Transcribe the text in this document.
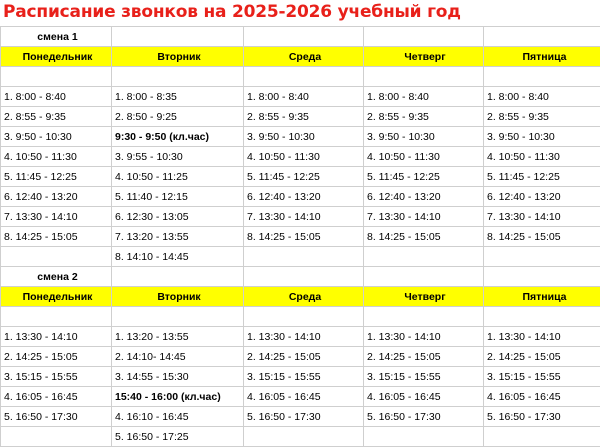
Расписание звонков на 2025-2026 учебный год
смена 1				
Понедельник	Вторник	Среда	Четверг	Пятница

1. 8:00 - 8:40	1. 8:00 - 8:35	1. 8:00 - 8:40	1. 8:00 - 8:40	1. 8:00 - 8:40
2. 8:55 - 9:35	2. 8:50 - 9:25	2. 8:55 - 9:35	2. 8:55 - 9:35	2. 8:55 - 9:35
3. 9:50 - 10:30	9:30 - 9:50 (кл.час)	3. 9:50 - 10:30	3. 9:50 - 10:30	3. 9:50 - 10:30
4. 10:50 - 11:30	3. 9:55 - 10:30	4. 10:50 - 11:30	4. 10:50 - 11:30	4. 10:50 - 11:30
5. 11:45 - 12:25	4. 10:50 - 11:25	5. 11:45 - 12:25	5. 11:45 - 12:25	5. 11:45 - 12:25
6. 12:40 - 13:20	5. 11:40 - 12:15	6. 12:40 - 13:20	6. 12:40 - 13:20	6. 12:40 - 13:20
7. 13:30 - 14:10	6. 12:30 - 13:05	7. 13:30 - 14:10	7. 13:30 - 14:10	7. 13:30 - 14:10
8. 14:25 - 15:05	7. 13:20 - 13:55	8. 14:25 - 15:05	8. 14:25 - 15:05	8. 14:25 - 15:05
	8. 14:10 - 14:45			
смена 2				
Понедельник	Вторник	Среда	Четверг	Пятница

1. 13:30 - 14:10	1. 13:20 - 13:55	1. 13:30 - 14:10	1. 13:30 - 14:10	1. 13:30 - 14:10
2. 14:25 - 15:05	2. 14:10- 14:45	2. 14:25 - 15:05	2. 14:25 - 15:05	2. 14:25 - 15:05
3. 15:15 - 15:55	3. 14:55 - 15:30	3. 15:15 - 15:55	3. 15:15 - 15:55	3. 15:15 - 15:55
4. 16:05 - 16:45	15:40 - 16:00 (кл.час)	4. 16:05 - 16:45	4. 16:05 - 16:45	4. 16:05 - 16:45
5. 16:50 - 17:30	4. 16:10 - 16:45	5. 16:50 - 17:30	5. 16:50 - 17:30	5. 16:50 - 17:30
	5. 16:50 - 17:25			
